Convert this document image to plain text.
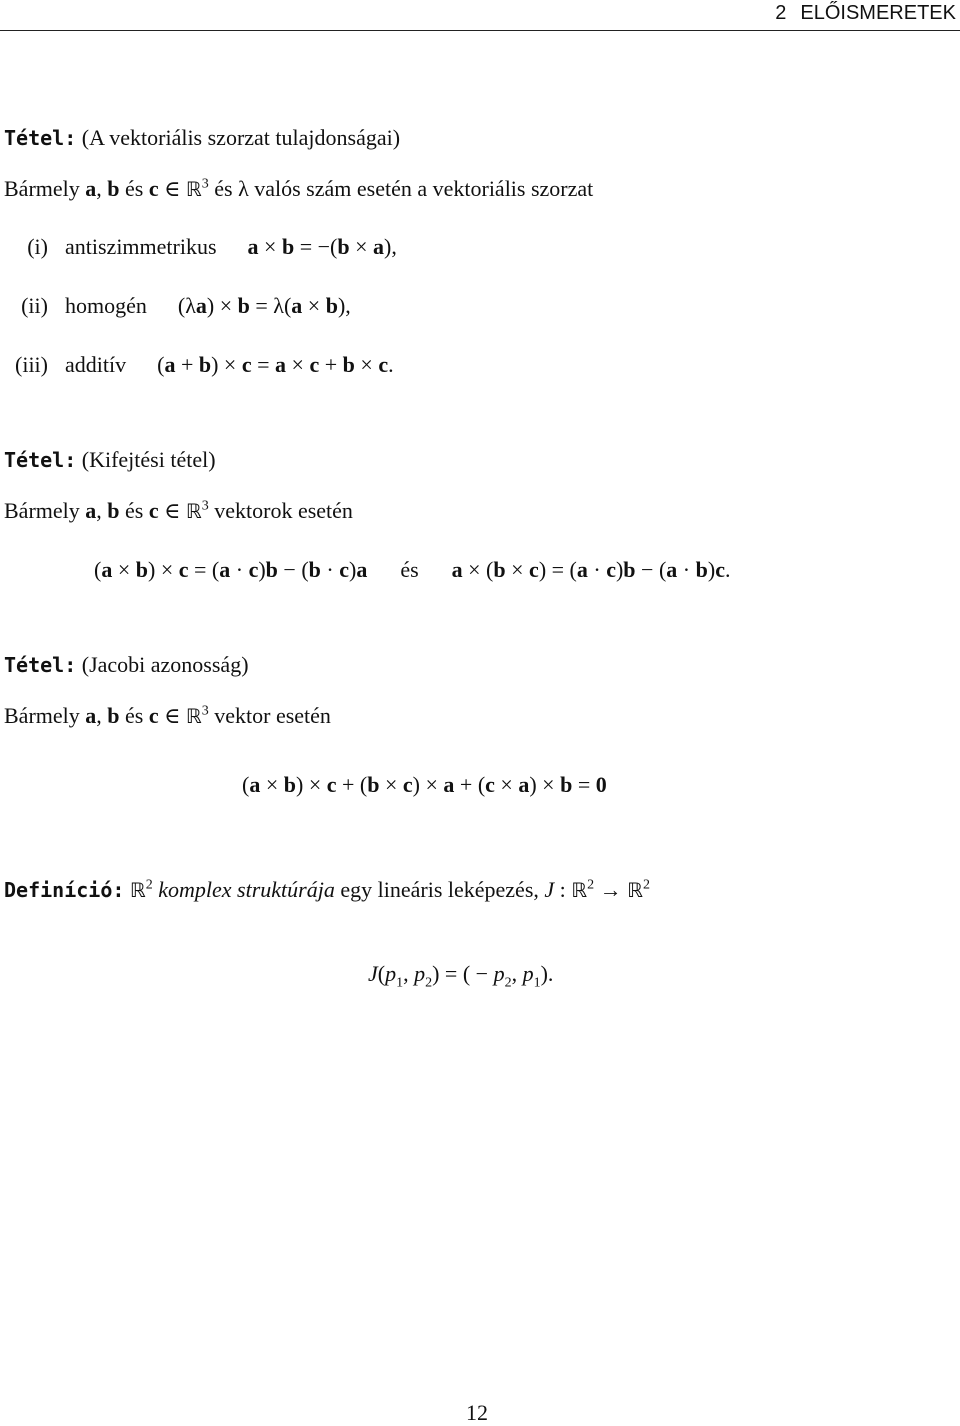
2 ELŐISMERETEK
Tétel: (A vektoriális szorzat tulajdonságai)
Bármely a, b és c ∈ ℝ$^3$ és λ valós szám esetén a vektoriális szorzat
(i) antiszimmetrikus a × b = −(b × a),
(ii) homogén (λa) × b = λ(a × b),
(iii) additív (a + b) × c = a × c + b × c.
Tétel: (Kifejtési tétel)
Bármely a, b és c ∈ ℝ$^3$ vektorok esetén
(a × b) × c = (a · c)b − (b · c)a és a × (b × c) = (a · c)b − (a · b)c.
Tétel: (Jacobi azonosság)
Bármely a, b és c ∈ ℝ$^3$ vektor esetén
(a × b) × c + (b × c) × a + (c × a) × b = 0
Definíció: ℝ$^2$ komplex struktúrája egy lineáris leképezés, J : ℝ$^2$ → ℝ$^2$
$J(p_1$, $p_2$) = ( − $p_2$, $p_1$).
12
